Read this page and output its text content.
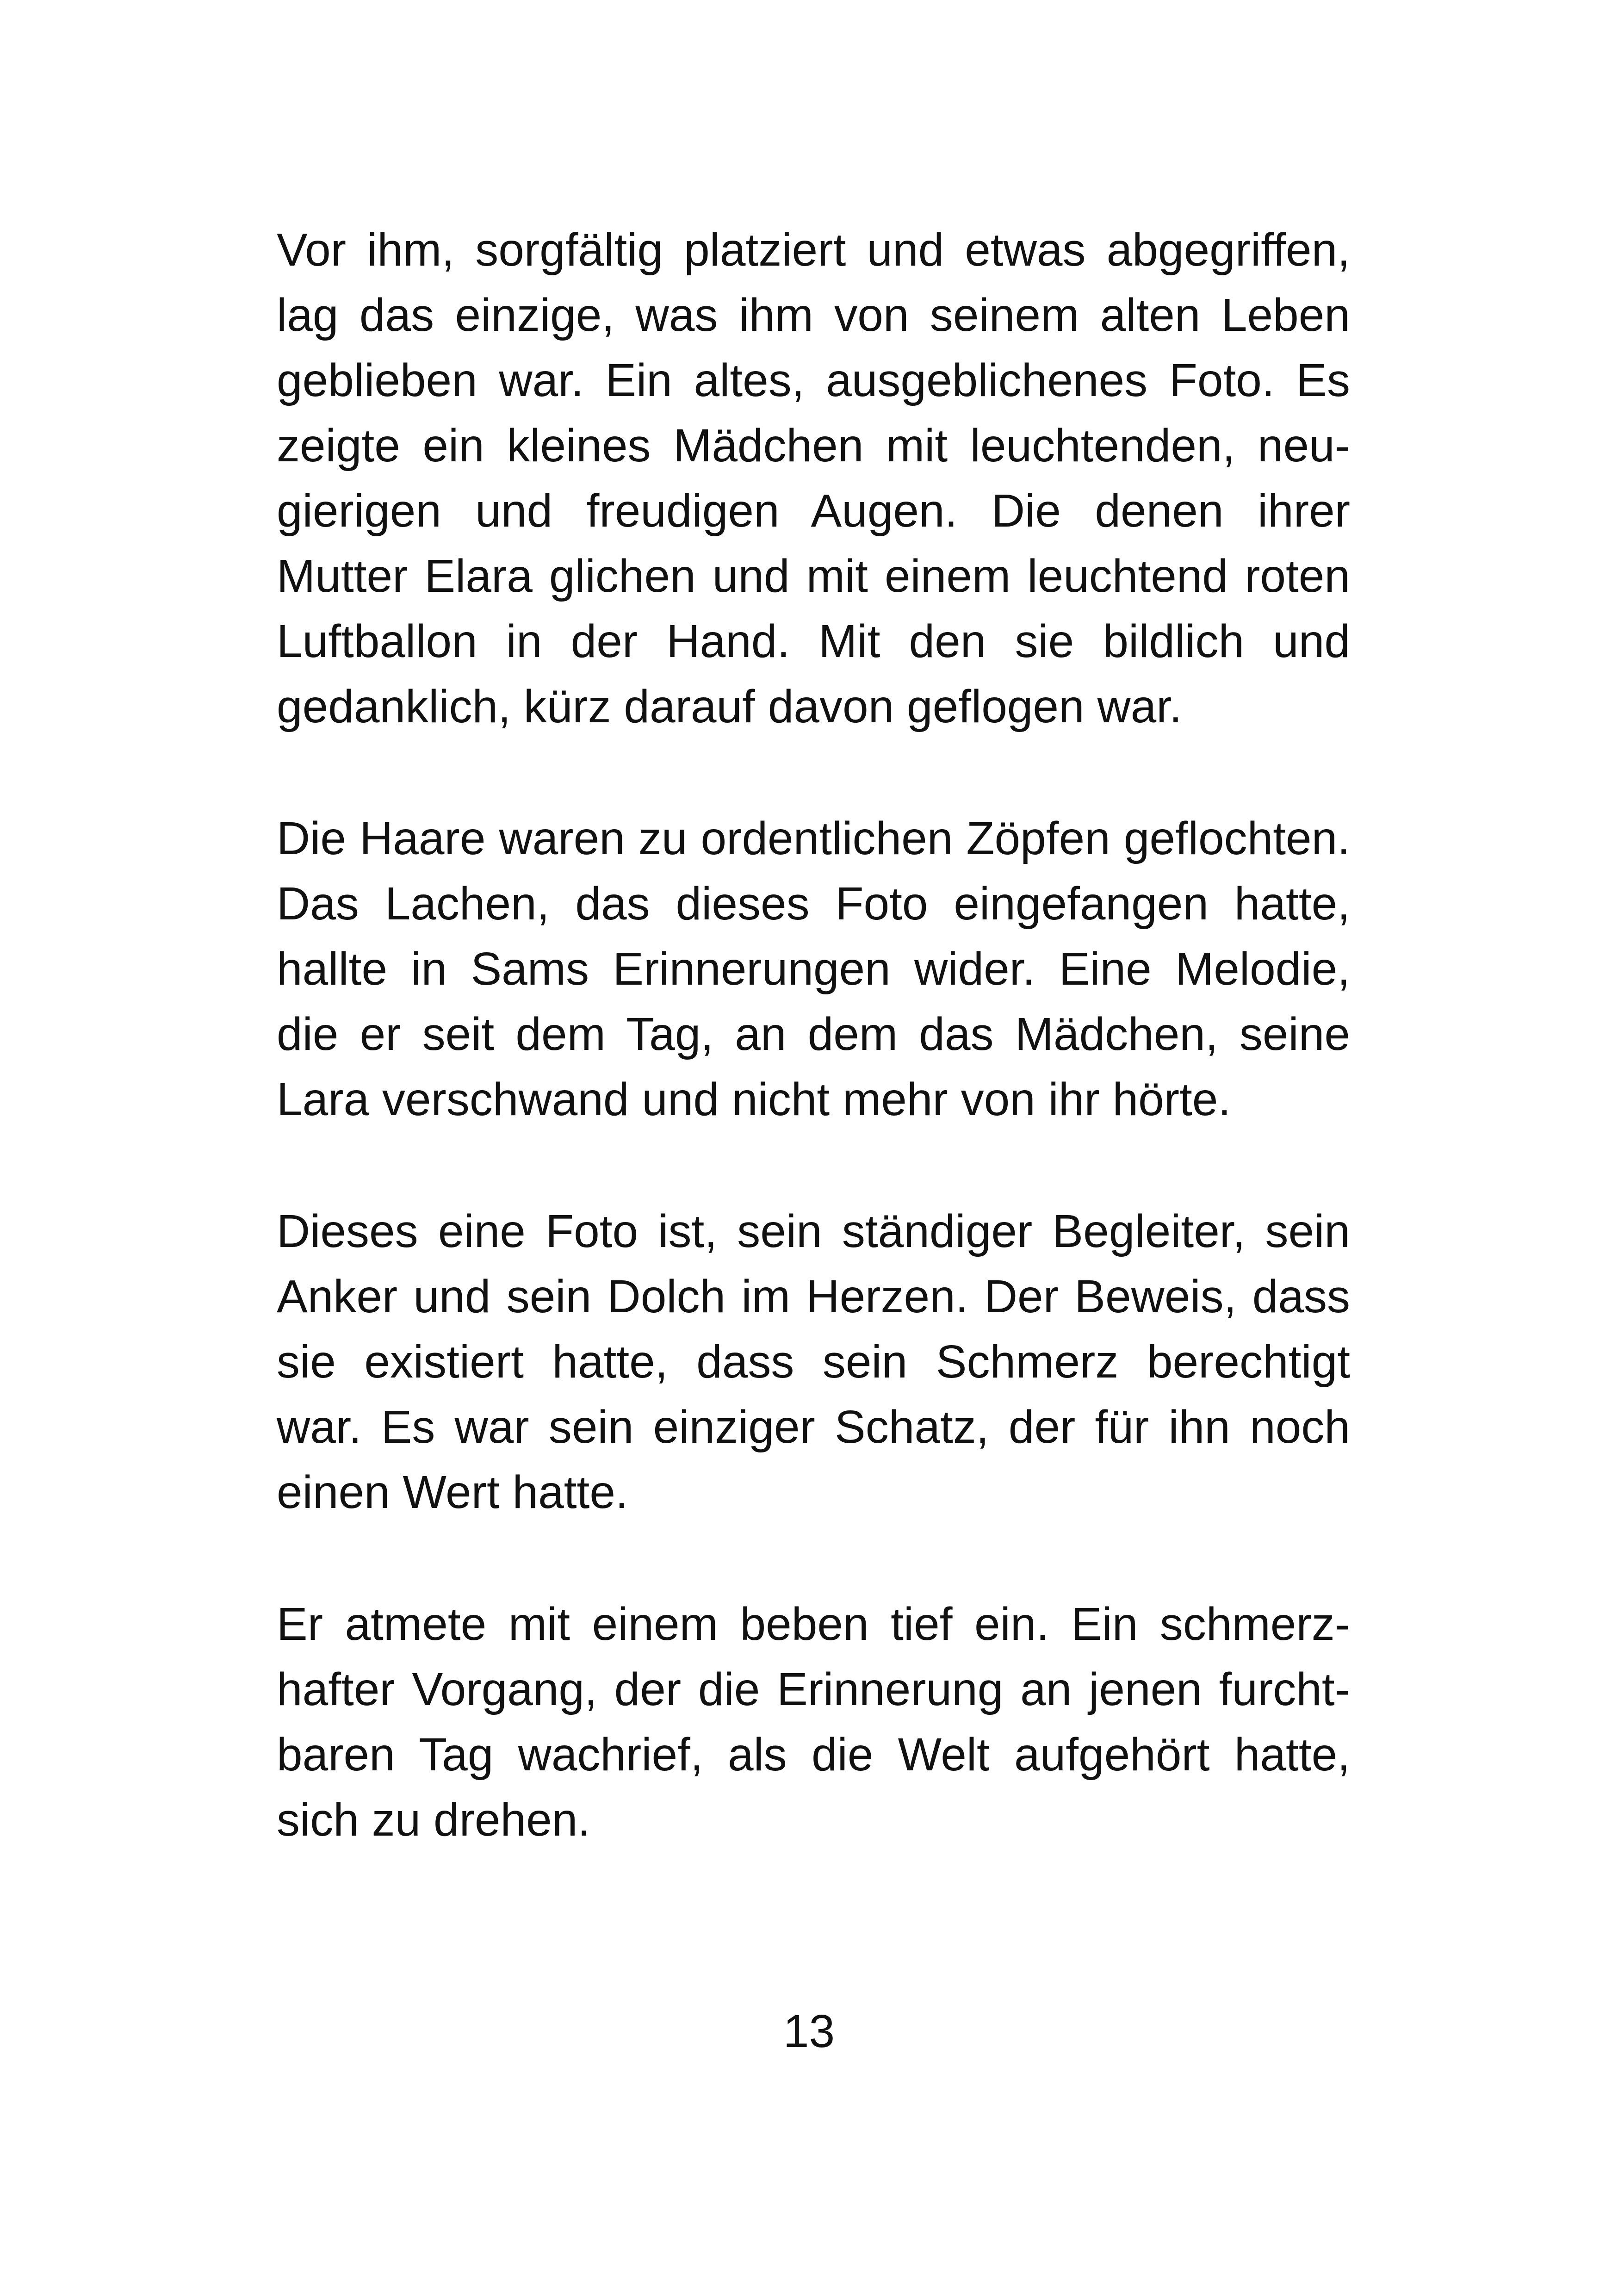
Vor ihm, sorgfältig platziert und etwas abgegriffen,
lag das einzige, was ihm von seinem alten Leben
geblieben war. Ein altes, ausgeblichenes Foto. Es
zeigte ein kleines Mädchen mit leuchtenden, neu-
gierigen und freudigen Augen. Die denen ihrer
Mutter Elara glichen und mit einem leuchtend roten
Luftballon in der Hand. Mit den sie bildlich und
gedanklich, kürz darauf davon geflogen war.

Die Haare waren zu ordentlichen Zöpfen geflochten.
Das Lachen, das dieses Foto eingefangen hatte,
hallte in Sams Erinnerungen wider. Eine Melodie,
die er seit dem Tag, an dem das Mädchen, seine
Lara verschwand und nicht mehr von ihr hörte.

Dieses eine Foto ist, sein ständiger Begleiter, sein
Anker und sein Dolch im Herzen. Der Beweis, dass
sie existiert hatte, dass sein Schmerz berechtigt
war. Es war sein einziger Schatz, der für ihn noch
einen Wert hatte.

Er atmete mit einem beben tief ein. Ein schmerz-
hafter Vorgang, der die Erinnerung an jenen furcht-
baren Tag wachrief, als die Welt aufgehört hatte,
sich zu drehen.

13
